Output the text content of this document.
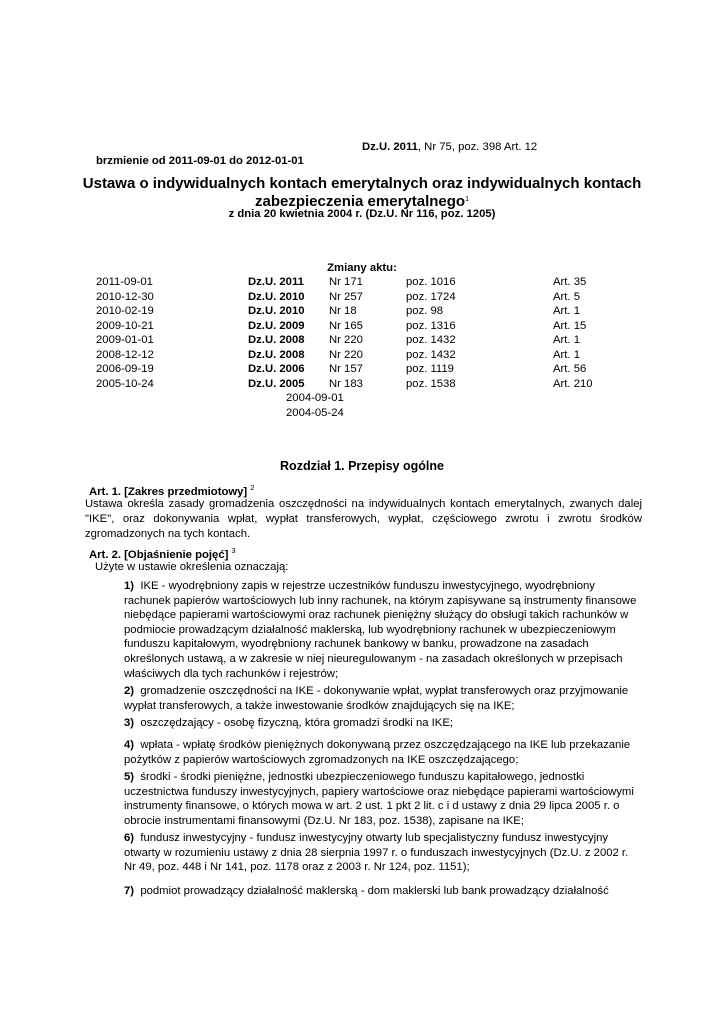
Dz.U. 2011, Nr 75, poz. 398 Art. 12
brzmienie od 2011-09-01 do 2012-01-01
Ustawa o indywidualnych kontach emerytalnych oraz indywidualnych kontach
zabezpieczenia emerytalnego$^1$
z dnia 20 kwietnia 2004 r. (Dz.U. Nr 116, poz. 1205)
Zmiany aktu:
2011-09-01	Dz.U. 2011 Nr 171	poz. 1016	Art. 35
2010-12-30	Dz.U. 2010 Nr 257	poz. 1724	Art. 5
2010-02-19	Dz.U. 2010 Nr 18	poz. 98	Art. 1
2009-10-21	Dz.U. 2009 Nr 165	poz. 1316	Art. 15
2009-01-01	Dz.U. 2008 Nr 220	poz. 1432	Art. 1
2008-12-12	Dz.U. 2008 Nr 220	poz. 1432	Art. 1
2006-09-19	Dz.U. 2006 Nr 157	poz. 1119	Art. 56
2005-10-24	Dz.U. 2005 Nr 183	poz. 1538	Art. 210
2004-09-01
2004-05-24
Rozdział 1. Przepisy ogólne
Art. 1. [Zakres przedmiotowy] $^2$
Ustawa określa zasady gromadzenia oszczędności na indywidualnych kontach emerytalnych, zwanych dalej "IKE", oraz dokonywania wpłat, wypłat transferowych, wypłat, częściowego zwrotu i zwrotu środków zgromadzonych na tych kontach.
Art. 2. [Objaśnienie pojęć] $^3$
Użyte w ustawie określenia oznaczają:
1) IKE - wyodrębniony zapis w rejestrze uczestników funduszu inwestycyjnego, wyodrębniony rachunek papierów wartościowych lub inny rachunek, na którym zapisywane są instrumenty finansowe niebędące papierami wartościowymi oraz rachunek pieniężny służący do obsługi takich rachunków w podmiocie prowadzącym działalność maklerską, lub wyodrębniony rachunek w ubezpieczeniowym funduszu kapitałowym, wyodrębniony rachunek bankowy w banku, prowadzone na zasadach określonych ustawą, a w zakresie w niej nieuregulowanym - na zasadach określonych w przepisach właściwych dla tych rachunków i rejestrów;
2) gromadzenie oszczędności na IKE - dokonywanie wpłat, wypłat transferowych oraz przyjmowanie wypłat transferowych, a także inwestowanie środków znajdujących się na IKE;
3) oszczędzający - osobę fizyczną, która gromadzi środki na IKE;
4) wpłata - wpłatę środków pieniężnych dokonywaną przez oszczędzającego na IKE lub przekazanie pożytków z papierów wartościowych zgromadzonych na IKE oszczędzającego;
5) środki - środki pieniężne, jednostki ubezpieczeniowego funduszu kapitałowego, jednostki uczestnictwa funduszy inwestycyjnych, papiery wartościowe oraz niebędące papierami wartościowymi instrumenty finansowe, o których mowa w art. 2 ust. 1 pkt 2 lit. c i d ustawy z dnia 29 lipca 2005 r. o obrocie instrumentami finansowymi (Dz.U. Nr 183, poz. 1538), zapisane na IKE;
6) fundusz inwestycyjny - fundusz inwestycyjny otwarty lub specjalistyczny fundusz inwestycyjny otwarty w rozumieniu ustawy z dnia 28 sierpnia 1997 r. o funduszach inwestycyjnych (Dz.U. z 2002 r. Nr 49, poz. 448 i Nr 141, poz. 1178 oraz z 2003 r. Nr 124, poz. 1151);
7) podmiot prowadzący działalność maklerską - dom maklerski lub bank prowadzący działalność
